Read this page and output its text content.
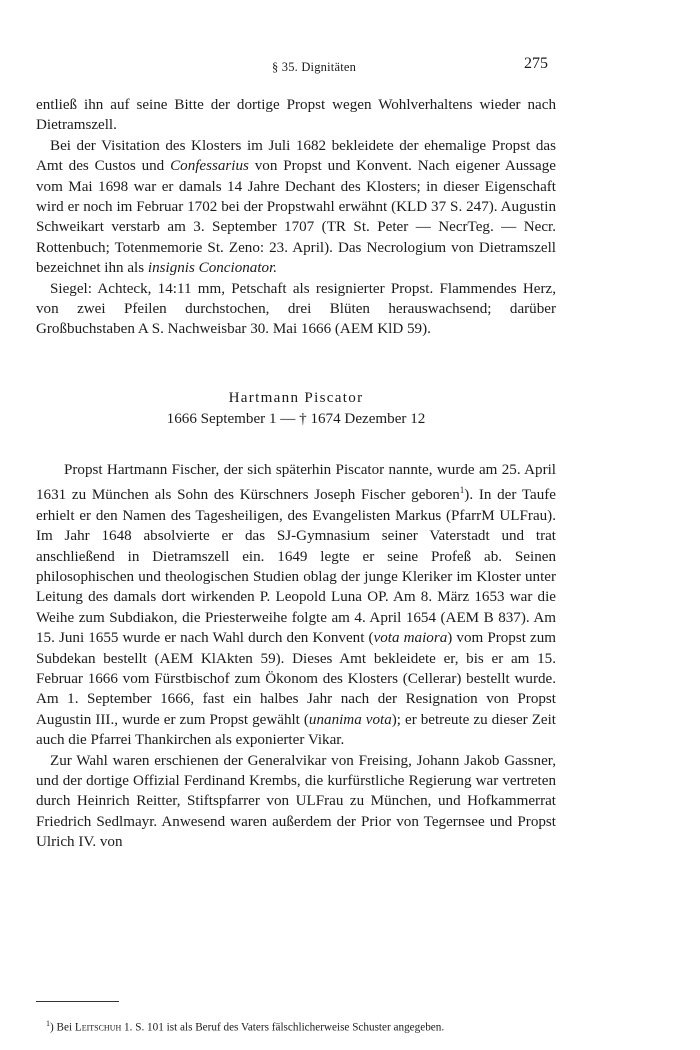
§ 35. Dignitäten	275

entließ ihn auf seine Bitte der dortige Propst wegen Wohlverhaltens wieder nach Dietramszell.

Bei der Visitation des Klosters im Juli 1682 bekleidete der ehemalige Propst das Amt des Custos und Confessarius von Propst und Konvent. Nach eigener Aussage vom Mai 1698 war er damals 14 Jahre Dechant des Klosters; in dieser Eigenschaft wird er noch im Februar 1702 bei der Propstwahl erwähnt (KLD 37 S. 247). Augustin Schweikart verstarb am 3. September 1707 (TR St. Peter — NecrTeg. — Necr. Rottenbuch; Totenmemorie St. Zeno: 23. April). Das Necrologium von Dietramszell bezeichnet ihn als insignis Concionator.

Siegel: Achteck, 14:11 mm, Petschaft als resignierter Propst. Flammendes Herz, von zwei Pfeilen durchstochen, drei Blüten herauswachsend; darüber Großbuchstaben A S. Nachweisbar 30. Mai 1666 (AEM KlD 59).

Hartmann Piscator
1666 September 1 — † 1674 Dezember 12

Propst Hartmann Fischer, der sich späterhin Piscator nannte, wurde am 25. April 1631 zu München als Sohn des Kürschners Joseph Fischer geboren$^1$). In der Taufe erhielt er den Namen des Tagesheiligen, des Evangelisten Markus (PfarrM ULFrau). Im Jahr 1648 absolvierte er das SJ-Gymnasium seiner Vaterstadt und trat anschließend in Dietramszell ein. 1649 legte er seine Profeß ab. Seinen philosophischen und theologischen Studien oblag der junge Kleriker im Kloster unter Leitung des damals dort wirkenden P. Leopold Luna OP. Am 8. März 1653 war die Weihe zum Subdiakon, die Priesterweihe folgte am 4. April 1654 (AEM B 837). Am 15. Juni 1655 wurde er nach Wahl durch den Konvent (vota maiora) vom Propst zum Subdekan bestellt (AEM KlAkten 59). Dieses Amt bekleidete er, bis er am 15. Februar 1666 vom Fürstbischof zum Ökonom des Klosters (Cellerar) bestellt wurde. Am 1. September 1666, fast ein halbes Jahr nach der Resignation von Propst Augustin III., wurde er zum Propst gewählt (unanima vota); er betreute zu dieser Zeit auch die Pfarrei Thankirchen als exponierter Vikar.

Zur Wahl waren erschienen der Generalvikar von Freising, Johann Jakob Gassner, und der dortige Offizial Ferdinand Krembs, die kurfürstliche Regierung war vertreten durch Heinrich Reitter, Stiftspfarrer von ULFrau zu München, und Hofkammerrat Friedrich Sedlmayr. Anwesend waren außerdem der Prior von Tegernsee und Propst Ulrich IV. von

$^1$) Bei Leitschuh 1. S. 101 ist als Beruf des Vaters fälschlicherweise Schuster angegeben.
